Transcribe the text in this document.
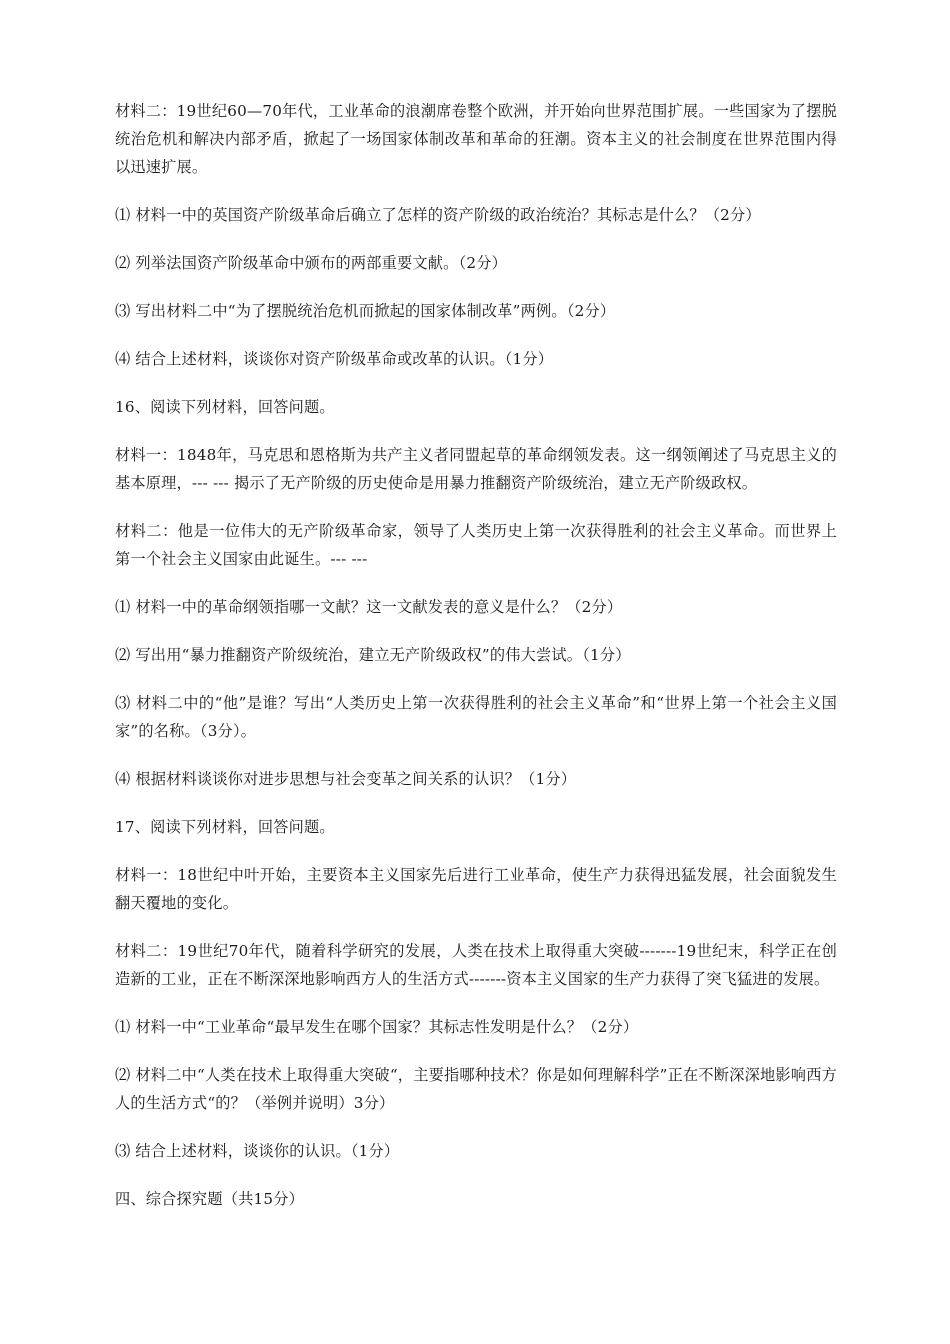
材料二：19世纪60—70年代，工业革命的浪潮席卷整个欧洲，并开始向世界范围扩展。一些国家为了摆脱统治危机和解决内部矛盾，掀起了一场国家体制改革和革命的狂潮。资本主义的社会制度在世界范围内得以迅速扩展。

⑴ 材料一中的英国资产阶级革命后确立了怎样的资产阶级的政治统治？其标志是什么？（2分）

⑵ 列举法国资产阶级革命中颁布的两部重要文献。（2分）

⑶ 写出材料二中“为了摆脱统治危机而掀起的国家体制改革”两例。（2分）

⑷ 结合上述材料，谈谈你对资产阶级革命或改革的认识。（1分）

16、阅读下列材料，回答问题。

材料一：1848年，马克思和恩格斯为共产主义者同盟起草的革命纲领发表。这一纲领阐述了马克思主义的基本原理，--- --- 揭示了无产阶级的历史使命是用暴力推翻资产阶级统治，建立无产阶级政权。

材料二：他是一位伟大的无产阶级革命家，领导了人类历史上第一次获得胜利的社会主义革命。而世界上第一个社会主义国家由此诞生。--- ---

⑴ 材料一中的革命纲领指哪一文献？这一文献发表的意义是什么？（2分）

⑵ 写出用“暴力推翻资产阶级统治，建立无产阶级政权”的伟大尝试。（1分）

⑶ 材料二中的“他”是谁？写出“人类历史上第一次获得胜利的社会主义革命”和“世界上第一个社会主义国家”的名称。（3分）。

⑷ 根据材料谈谈你对进步思想与社会变革之间关系的认识？（1分）

17、阅读下列材料，回答问题。

材料一：18世纪中叶开始，主要资本主义国家先后进行工业革命，使生产力获得迅猛发展，社会面貌发生翻天覆地的变化。

材料二：19世纪70年代，随着科学研究的发展，人类在技术上取得重大突破-------19世纪末，科学正在创造新的工业，正在不断深深地影响西方人的生活方式-------资本主义国家的生产力获得了突飞猛进的发展。

⑴ 材料一中“工业革命“最早发生在哪个国家？其标志性发明是什么？（2分）

⑵ 材料二中“人类在技术上取得重大突破“，主要指哪种技术？你是如何理解科学”正在不断深深地影响西方人的生活方式“的？（举例并说明）3分）

⑶ 结合上述材料，谈谈你的认识。（1分）

四、综合探究题（共15分）
